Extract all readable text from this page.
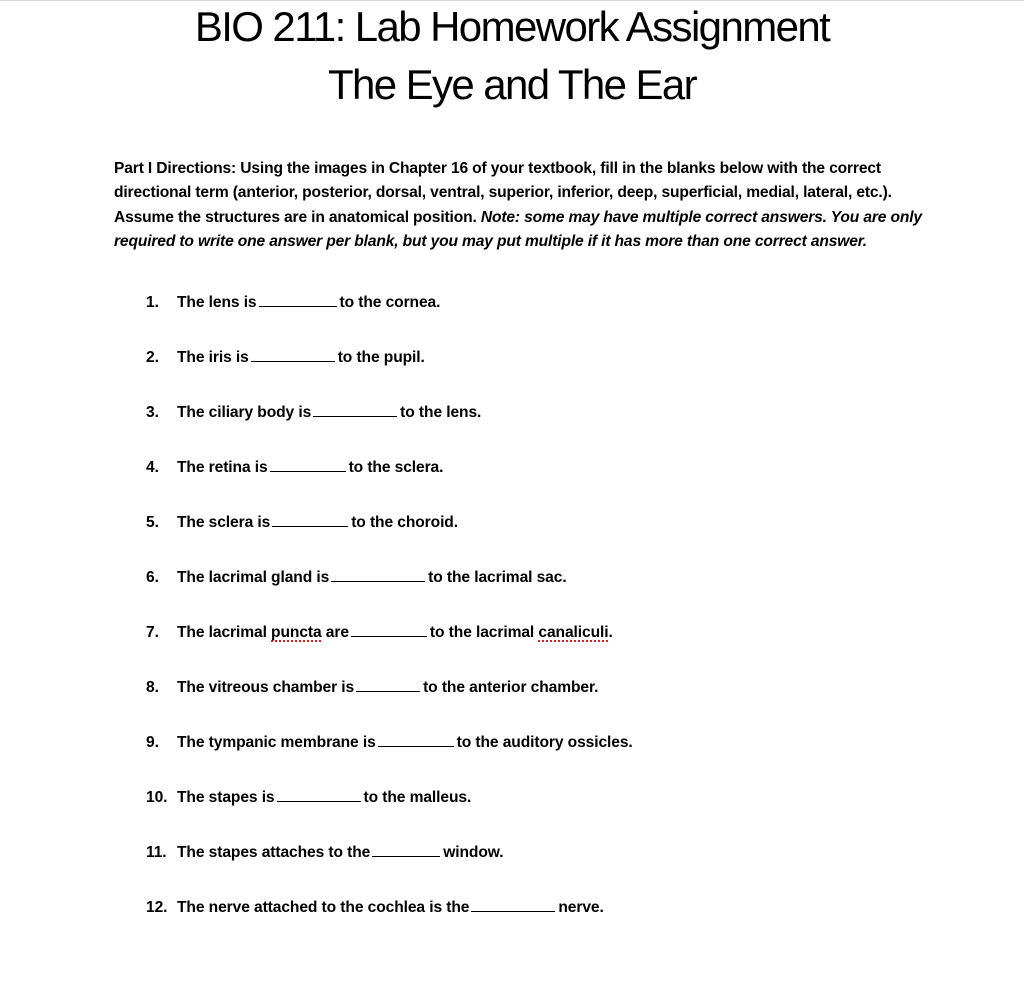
BIO 211: Lab Homework Assignment
The Eye and The Ear
Part I Directions: Using the images in Chapter 16 of your textbook, fill in the blanks below with the correct directional term (anterior, posterior, dorsal, ventral, superior, inferior, deep, superficial, medial, lateral, etc.). Assume the structures are in anatomical position. Note: some may have multiple correct answers. You are only required to write one answer per blank, but you may put multiple if it has more than one correct answer.
1. The lens is	to the cornea.
2. The iris is	to the pupil.
3. The ciliary body is	to the lens.
4. The retina is	to the sclera.
5. The sclera is	to the choroid.
6. The lacrimal gland is	to the lacrimal sac.
7. The lacrimal puncta are	to the lacrimal canaliculi.
8. The vitreous chamber is	to the anterior chamber.
9. The tympanic membrane is	to the auditory ossicles.
10. The stapes is	to the malleus.
11. The stapes attaches to the	window.
12. The nerve attached to the cochlea is the	nerve.
